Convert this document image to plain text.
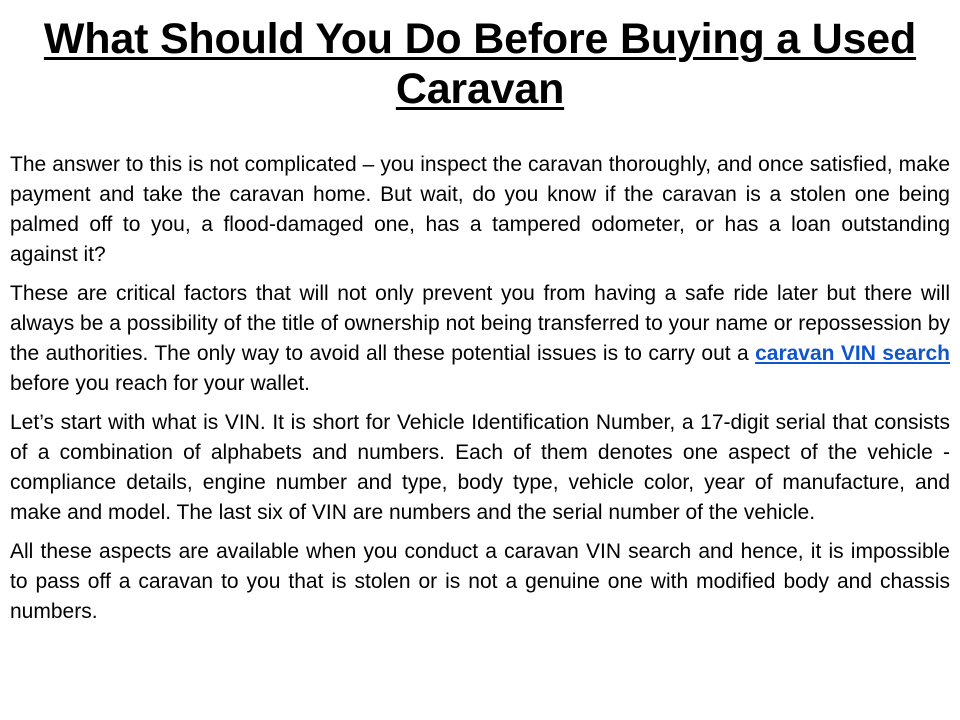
What Should You Do Before Buying a Used Caravan

The answer to this is not complicated – you inspect the caravan thoroughly, and once satisfied, make payment and take the caravan home. But wait, do you know if the caravan is a stolen one being palmed off to you, a flood-damaged one, has a tampered odometer, or has a loan outstanding against it?

These are critical factors that will not only prevent you from having a safe ride later but there will always be a possibility of the title of ownership not being transferred to your name or repossession by the authorities. The only way to avoid all these potential issues is to carry out a caravan VIN search before you reach for your wallet.

Let’s start with what is VIN. It is short for Vehicle Identification Number, a 17-digit serial that consists of a combination of alphabets and numbers. Each of them denotes one aspect of the vehicle - compliance details, engine number and type, body type, vehicle color, year of manufacture, and make and model. The last six of VIN are numbers and the serial number of the vehicle.

All these aspects are available when you conduct a caravan VIN search and hence, it is impossible to pass off a caravan to you that is stolen or is not a genuine one with modified body and chassis numbers.
